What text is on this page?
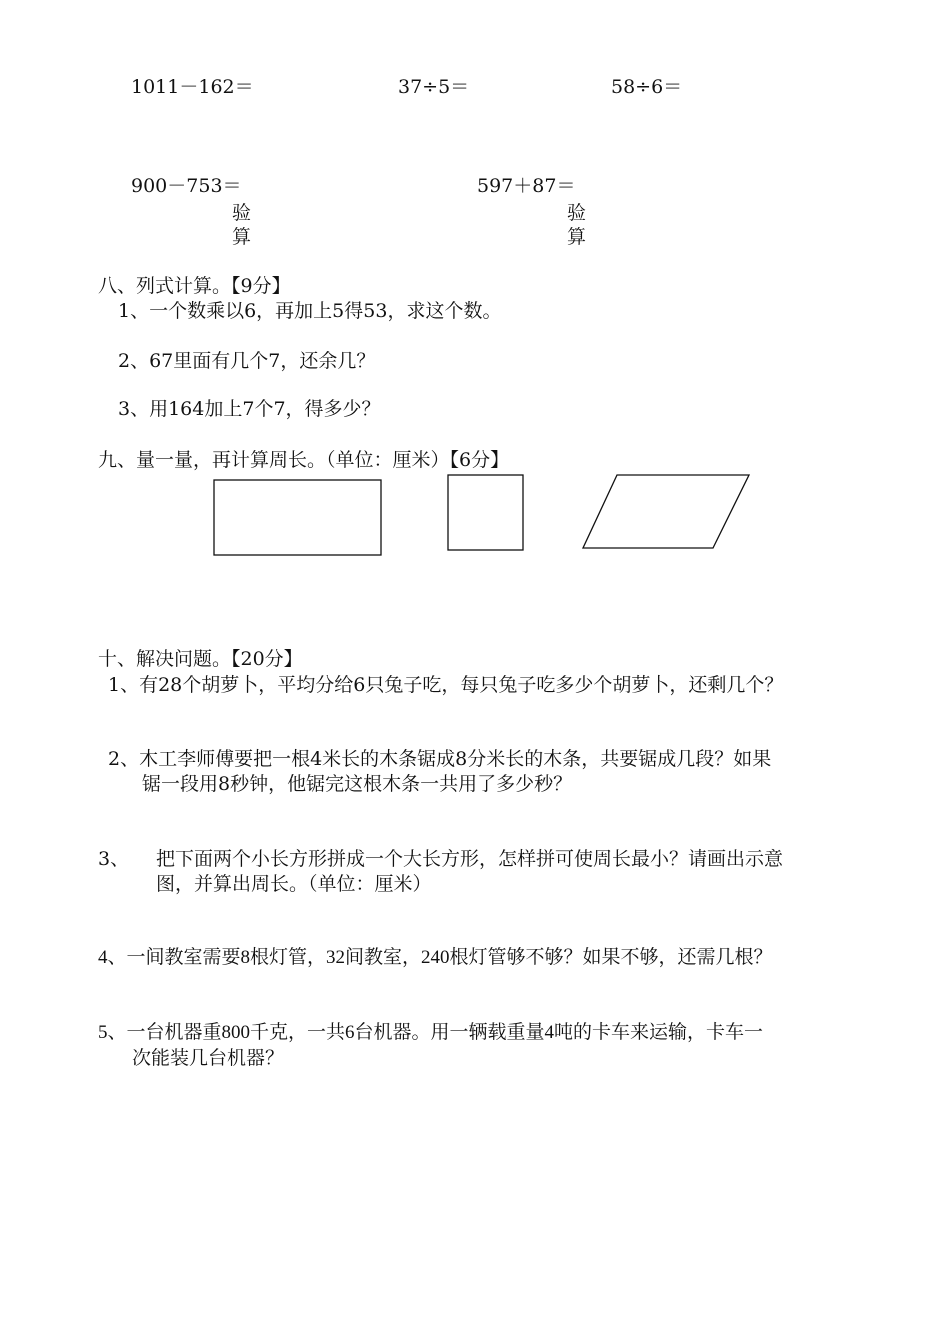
1011－162＝	37÷5＝	58÷6＝
900－753＝
验
算
597＋87＝
验
算
八、列式计算。【9分】
1、一个数乘以6，再加上5得53，求这个数。
2、67里面有几个7，还余几？
3、用164加上7个7，得多少？
九、量一量，再计算周长。（单位：厘米）【6分】
十、解决问题。【20分】
1、有28个胡萝卜，平均分给6只兔子吃，每只兔子吃多少个胡萝卜，还剩几个？
2、木工李师傅要把一根4米长的木条锯成8分米长的木条，共要锯成几段？如果
锯一段用8秒钟，他锯完这根木条一共用了多少秒？
3、 把下面两个小长方形拼成一个大长方形，怎样拼可使周长最小？请画出示意
图，并算出周长。（单位：厘米）
4、一间教室需要8根灯管，32间教室，240根灯管够不够？如果不够，还需几根？
5、一台机器重800千克，一共6台机器。用一辆载重量4吨的卡车来运输，卡车一
次能装几台机器？
